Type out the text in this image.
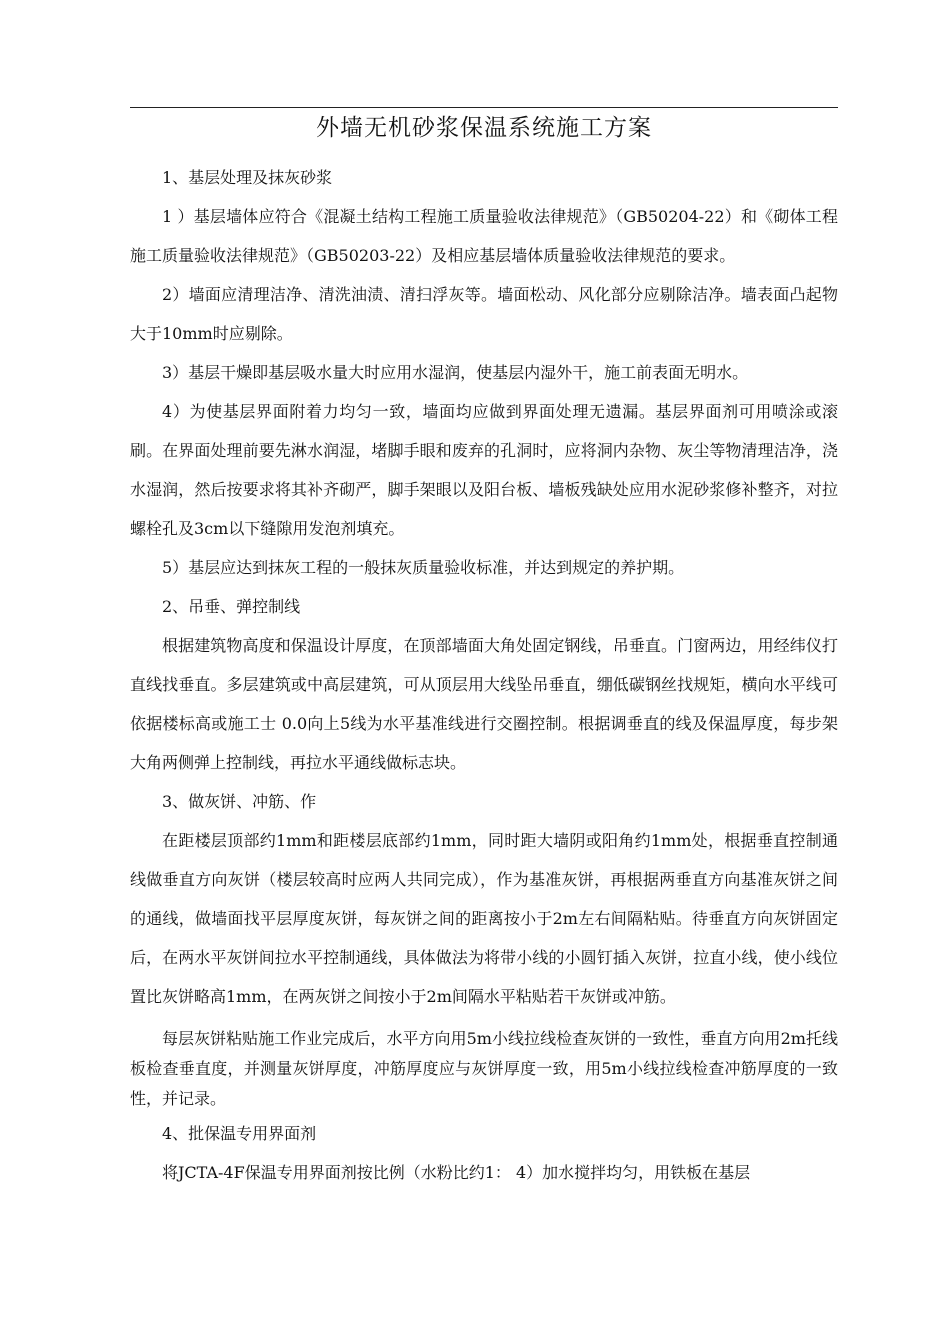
外墙无机砂浆保温系统施工方案

1、基层处理及抹灰砂浆

1 ）基层墙体应符合《混凝土结构工程施工质量验收法律规范》（GB50204-22）和《砌体工程施工质量验收法律规范》（GB50203-22）及相应基层墙体质量验收法律规范的要求。

2）墙面应清理洁净、清洗油渍、清扫浮灰等。墙面松动、风化部分应剔除洁净。墙表面凸起物大于10mm时应剔除。

3）基层干燥即基层吸水量大时应用水湿润，使基层内湿外干，施工前表面无明水。

4）为使基层界面附着力均匀一致，墙面均应做到界面处理无遗漏。基层界面剂可用喷涂或滚刷。在界面处理前要先淋水润湿，堵脚手眼和废弃的孔洞时，应将洞内杂物、灰尘等物清理洁净，浇水湿润，然后按要求将其补齐砌严，脚手架眼以及阳台板、墙板残缺处应用水泥砂浆修补整齐，对拉螺栓孔及3cm以下缝隙用发泡剂填充。

5）基层应达到抹灰工程的一般抹灰质量验收标准，并达到规定的养护期。

2、吊垂、弹控制线

根据建筑物高度和保温设计厚度，在顶部墙面大角处固定钢线，吊垂直。门窗两边，用经纬仪打直线找垂直。多层建筑或中高层建筑，可从顶层用大线坠吊垂直，绷低碳钢丝找规矩，横向水平线可依据楼标高或施工士 0.0向上5线为水平基准线进行交圈控制。根据调垂直的线及保温厚度，每步架大角两侧弹上控制线，再拉水平通线做标志块。

3、做灰饼、冲筋、作

在距楼层顶部约1mm和距楼层底部约1mm，同时距大墙阴或阳角约1mm处，根据垂直控制通线做垂直方向灰饼（楼层较高时应两人共同完成），作为基准灰饼，再根据两垂直方向基准灰饼之间的通线，做墙面找平层厚度灰饼，每灰饼之间的距离按小于2m左右间隔粘贴。待垂直方向灰饼固定后，在两水平灰饼间拉水平控制通线，具体做法为将带小线的小圆钉插入灰饼，拉直小线，使小线位置比灰饼略高1mm，在两灰饼之间按小于2m间隔水平粘贴若干灰饼或冲筋。

每层灰饼粘贴施工作业完成后，水平方向用5m小线拉线检查灰饼的一致性，垂直方向用2m托线板检查垂直度，并测量灰饼厚度，冲筋厚度应与灰饼厚度一致，用5m小线拉线检查冲筋厚度的一致性，并记录。

4、批保温专用界面剂

将JCTA-4F保温专用界面剂按比例（水粉比约1： 4）加水搅拌均匀，用铁板在基层
